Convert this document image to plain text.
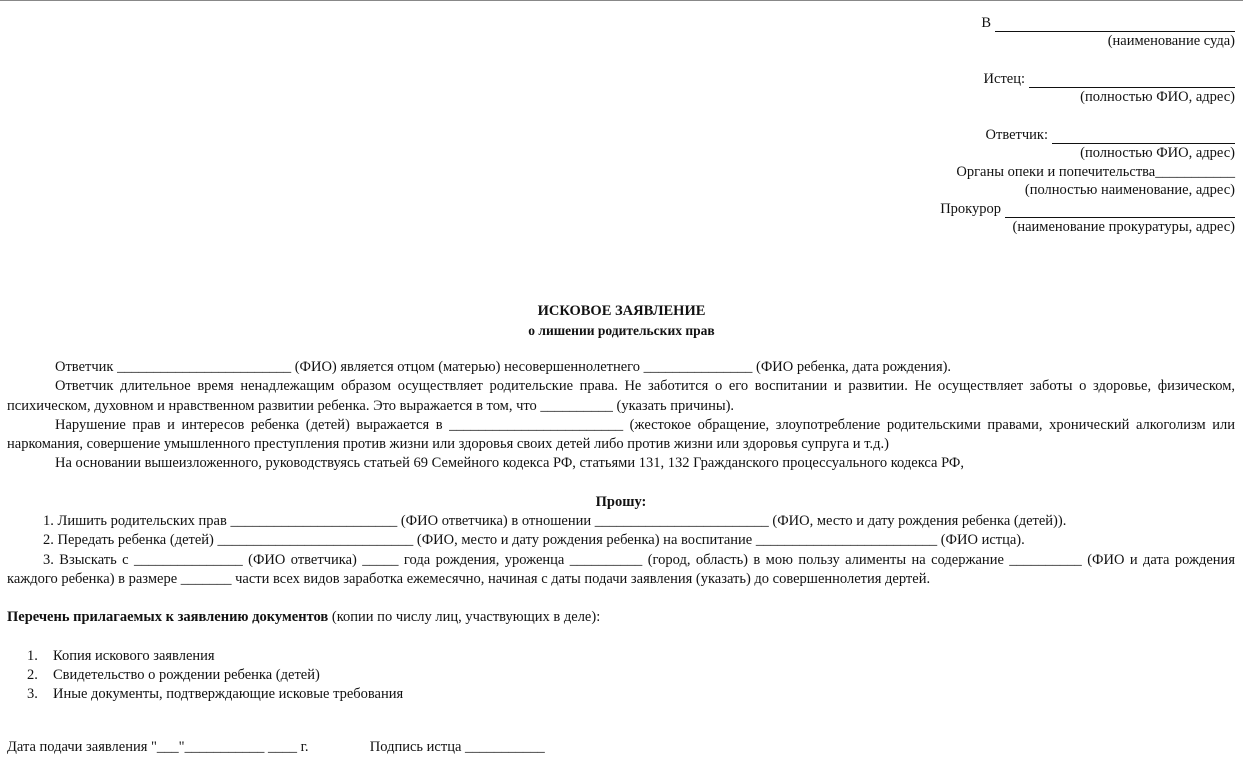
В
(наименование суда)
Истец:
(полностью ФИО, адрес)
Ответчик:
(полностью ФИО, адрес)
Органы опеки и попечительства ___________
(полностью наименование, адрес)
Прокурор
(наименование прокуратуры, адрес)
ИСКОВОЕ ЗАЯВЛЕНИЕ
о лишении родительских прав

Ответчик ________________________ (ФИО) является отцом (матерью) несовершеннолетнего _______________ (ФИО ребенка, дата рождения).

Ответчик длительное время ненадлежащим образом осуществляет родительские права. Не заботится о его воспитании и развитии. Не осуществляет заботы о здоровье, физическом, психическом, духовном и нравственном развитии ребенка. Это выражается в том, что __________ (указать причины).

Нарушение прав и интересов ребенка (детей) выражается в ________________________ (жестокое обращение, злоупотребление родительскими правами, хронический алкоголизм или наркомания, совершение умышленного преступления против жизни или здоровья своих детей либо против жизни или здоровья супруга и т.д.)

На основании вышеизложенного, руководствуясь статьей 69 Семейного кодекса РФ, статьями 131, 132 Гражданского процессуального кодекса РФ,

Прошу:

1. Лишить родительских прав _______________________ (ФИО ответчика) в отношении ________________________ (ФИО, место и дату рождения ребенка (детей)).

2. Передать ребенка (детей) ___________________________ (ФИО, место и дату рождения ребенка) на воспитание _________________________ (ФИО истца).

3. Взыскать с _______________ (ФИО ответчика) _____ года рождения, уроженца __________ (город, область) в мою пользу алименты на содержание __________ (ФИО и дата рождения каждого ребенка) в размере _______ части всех видов заработка ежемесячно, начиная с даты подачи заявления (указать) до совершеннолетия дертей.

Перечень прилагаемых к заявлению документов (копии по числу лиц, участвующих в деле):

1. Копия искового заявления
2. Свидетельство о рождении ребенка (детей)
3. Иные документы, подтверждающие исковые требования
Дата подачи заявления "___"___________ ____ г.	Подпись истца ___________
